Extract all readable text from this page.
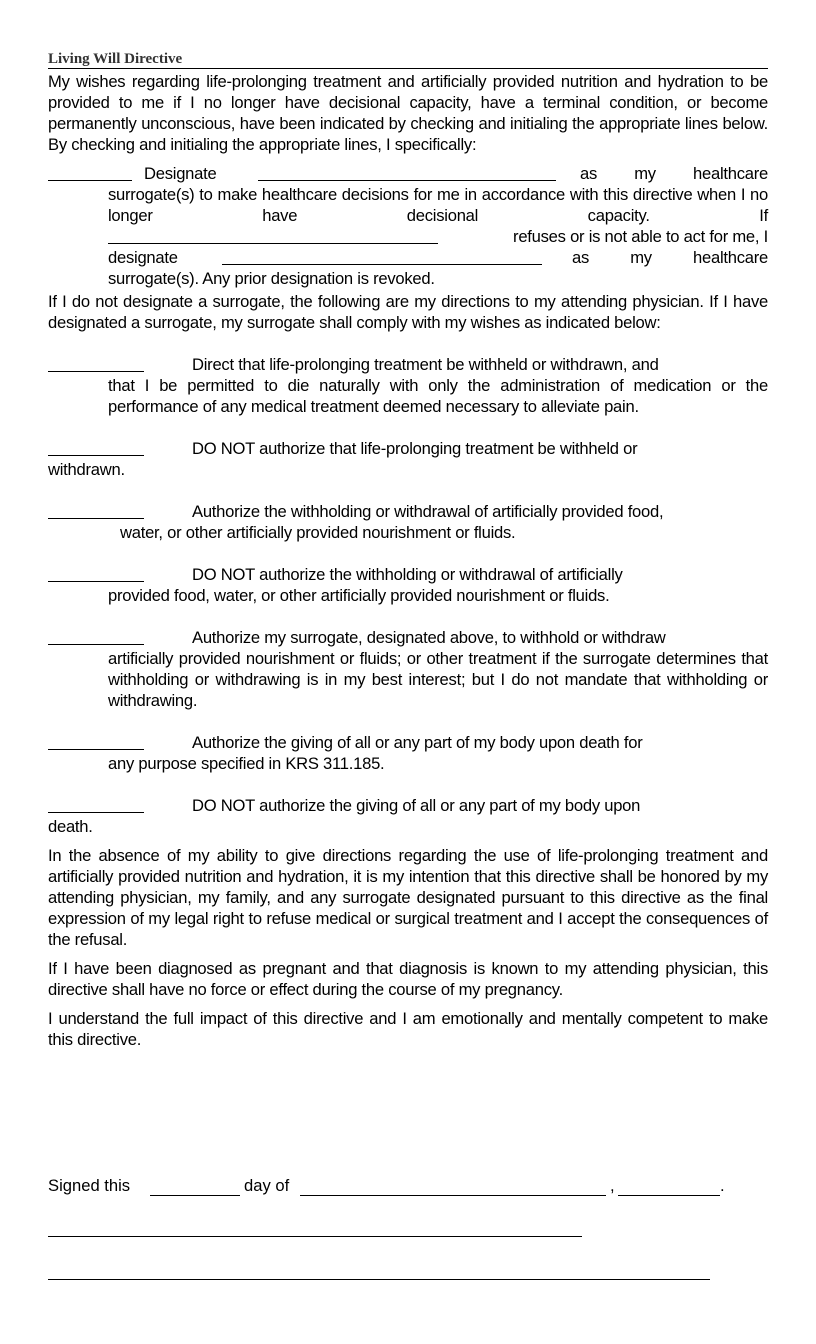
Living Will Directive

My wishes regarding life-prolonging treatment and artificially provided nutrition and hydration to be provided to me if I no longer have decisional capacity, have a terminal condition, or become permanently unconscious, have been indicated by checking and initialing the appropriate lines below. By checking and initialing the appropriate lines, I specifically:

Designate	as my healthcare surrogate(s) to make healthcare decisions for me in accordance with this directive when I no longer have decisional capacity. If
refuses or is not able to act for me, I
designate	as my healthcare
surrogate(s). Any prior designation is revoked.

If I do not designate a surrogate, the following are my directions to my attending physician. If I have designated a surrogate, my surrogate shall comply with my wishes as indicated below:

Direct that life-prolonging treatment be withheld or withdrawn, and

that I be permitted to die naturally with only the administration of medication or the performance of any medical treatment deemed necessary to alleviate pain.

DO NOT authorize that life-prolonging treatment be withheld or

withdrawn.

Authorize the withholding or withdrawal of artificially provided food,

water, or other artificially provided nourishment or fluids.

DO NOT authorize the withholding or withdrawal of artificially

provided food, water, or other artificially provided nourishment or fluids.

Authorize my surrogate, designated above, to withhold or withdraw

artificially provided nourishment or fluids; or other treatment if the surrogate determines that withholding or withdrawing is in my best interest; but I do not mandate that withholding or withdrawing.

Authorize the giving of all or any part of my body upon death for

any purpose specified in KRS 311.185.

DO NOT authorize the giving of all or any part of my body upon

death.

In the absence of my ability to give directions regarding the use of life-prolonging treatment and artificially provided nutrition and hydration, it is my intention that this directive shall be honored by my attending physician, my family, and any surrogate designated pursuant to this directive as the final expression of my legal right to refuse medical or surgical treatment and I accept the consequences of the refusal.

If I have been diagnosed as pregnant and that diagnosis is known to my attending physician, this directive shall have no force or effect during the course of my pregnancy.

I understand the full impact of this directive and I am emotionally and mentally competent to make this directive.

Signed this	day of	,	.
